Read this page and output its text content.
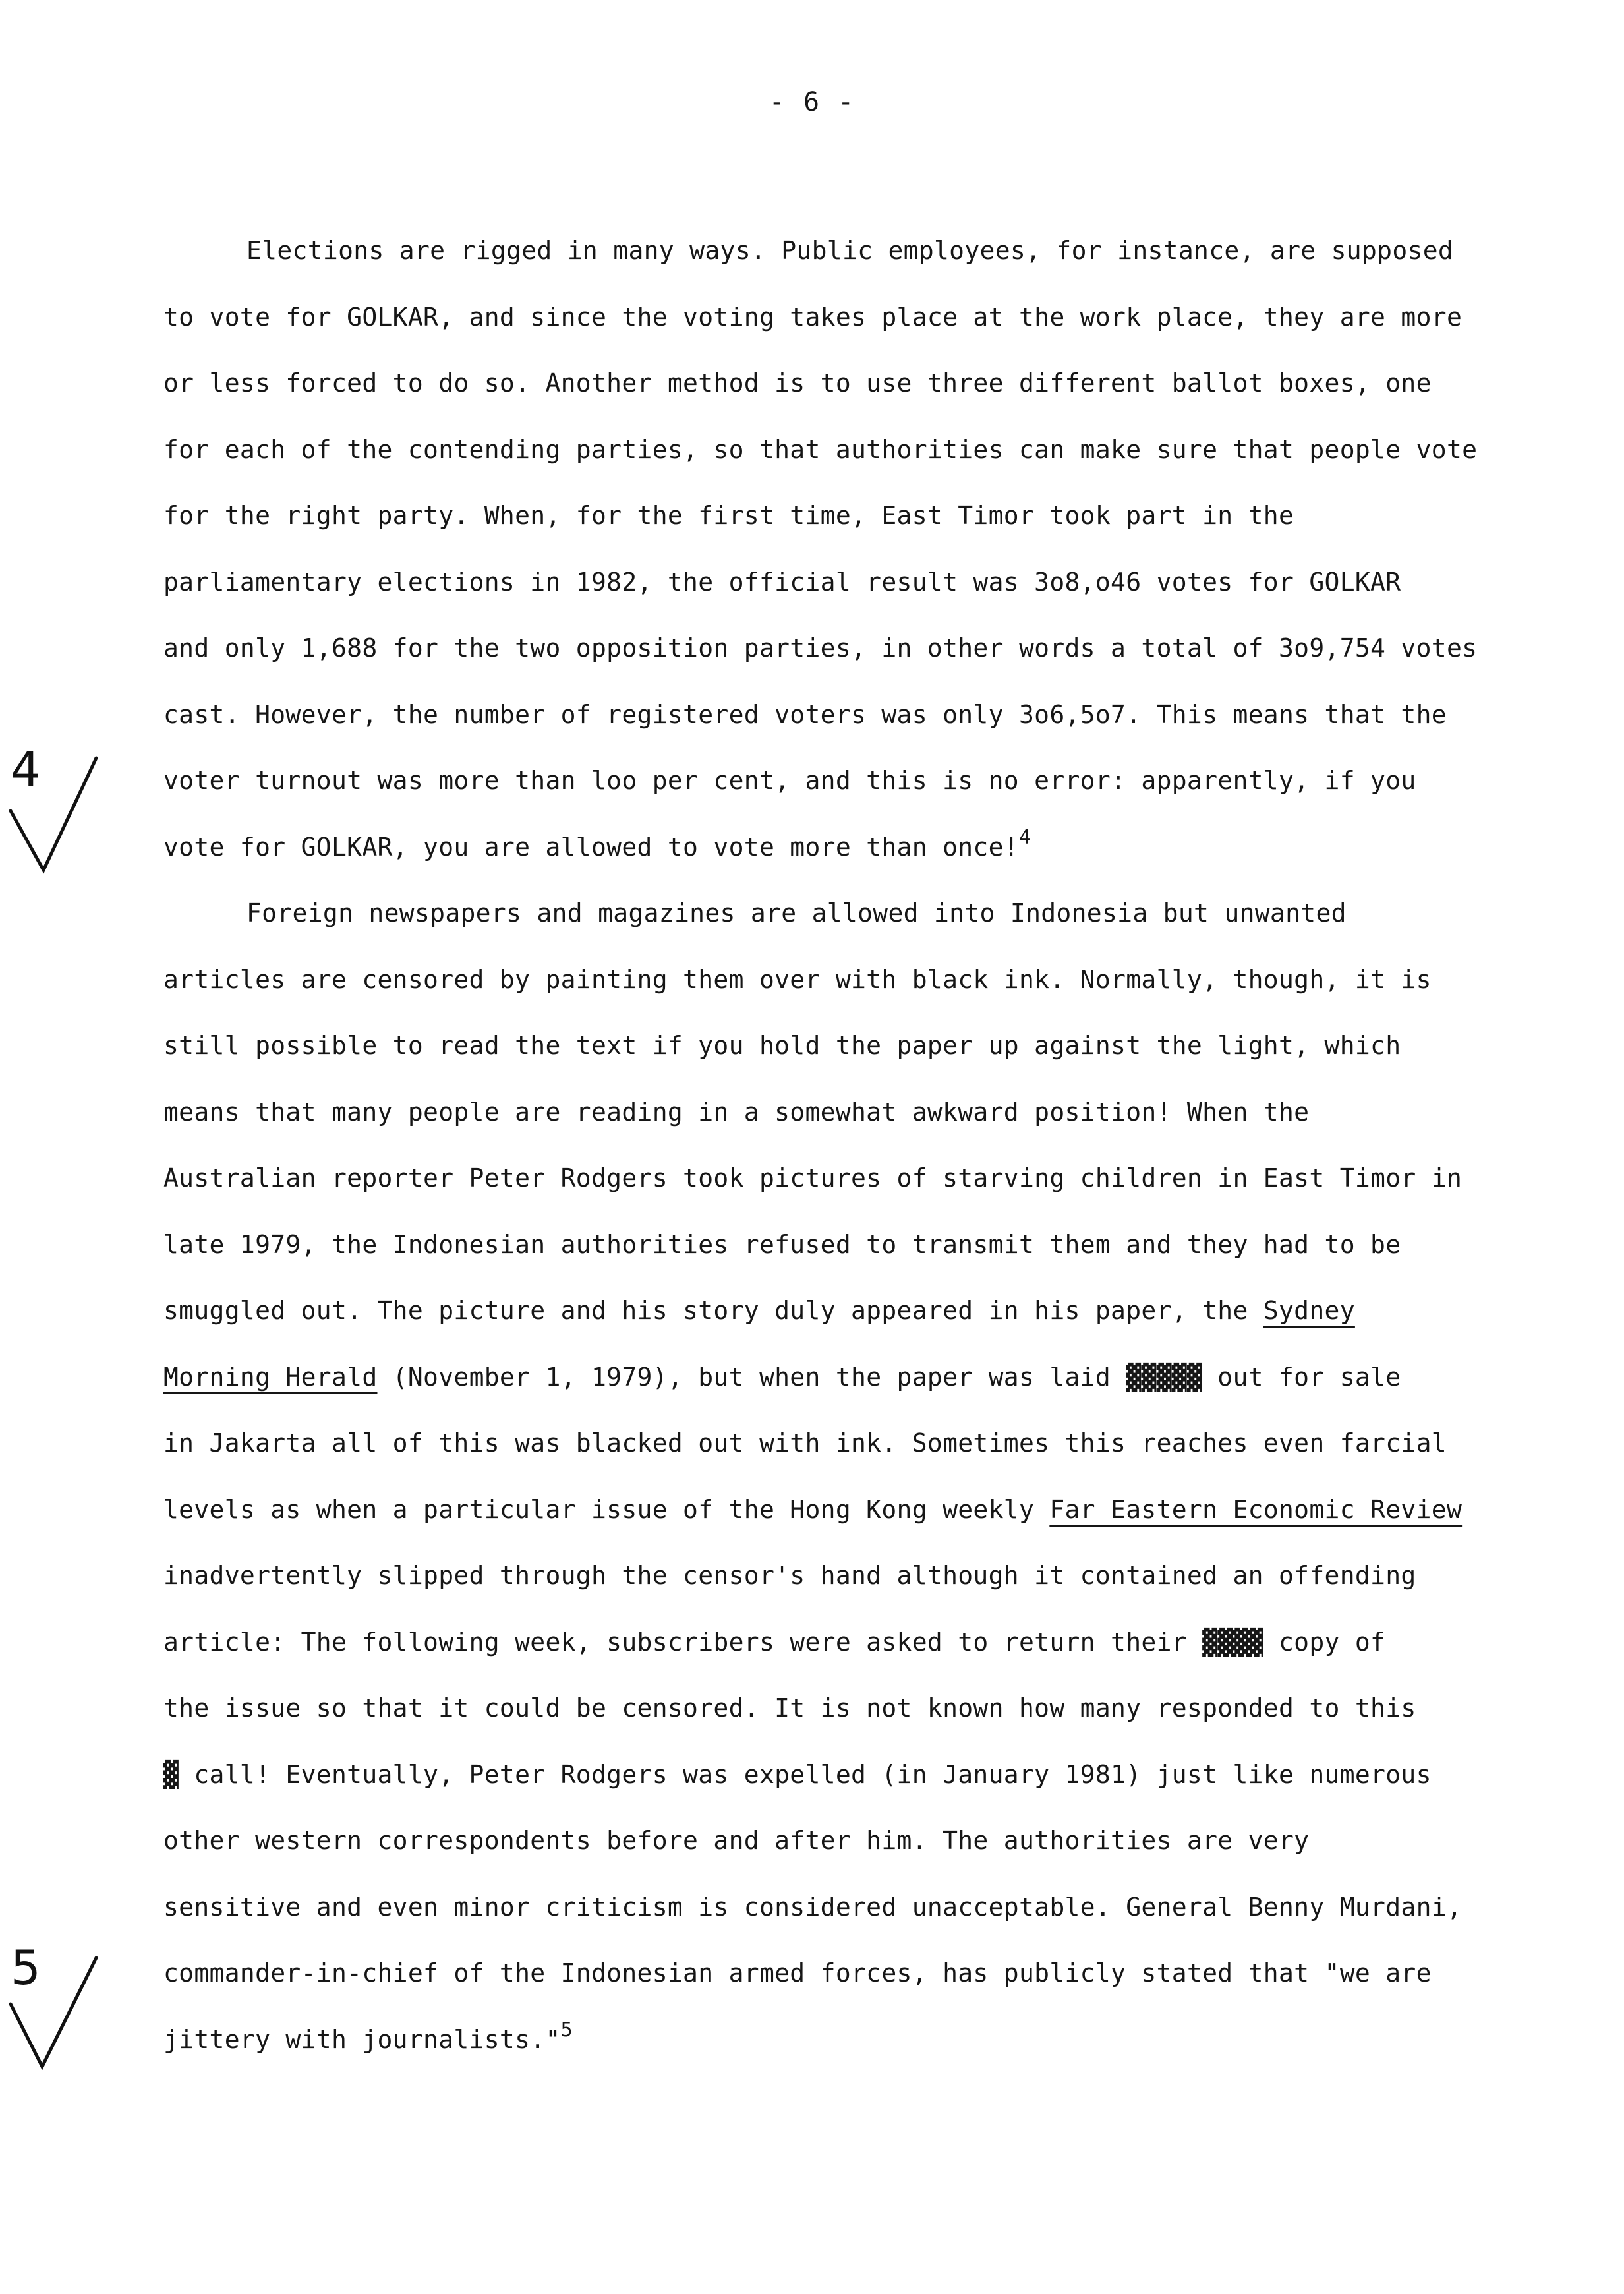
- 6 -
4
5
Elections are rigged in many ways. Public employees, for instance, are supposed
to vote for GOLKAR, and since the voting takes place at the work place, they are more
or less forced to do so. Another method is to use three different ballot boxes, one
for each of the contending parties, so that authorities can make sure that people vote
for the right party. When, for the first time, East Timor took part in the
parliamentary elections in 1982, the official result was 3o8,o46 votes for GOLKAR
and only 1,688 for the two opposition parties, in other words a total of 3o9,754 votes
cast. However, the number of registered voters was only 3o6,5o7. This means that the
voter turnout was more than loo per cent, and this is no error: apparently, if you
vote for GOLKAR, you are allowed to vote more than once!$^4$
Foreign newspapers and magazines are allowed into Indonesia but unwanted
articles are censored by painting them over with black ink. Normally, though, it is
still possible to read the text if you hold the paper up against the light, which
means that many people are reading in a somewhat awkward position! When the
Australian reporter Peter Rodgers took pictures of starving children in East Timor in
late 1979, the Indonesian authorities refused to transmit them and they had to be
smuggled out. The picture and his story duly appeared in his paper, the Sydney
Morning Herald (November 1, 1979), but when the paper was laid ▓▓▓▓▓ out for sale
in Jakarta all of this was blacked out with ink. Sometimes this reaches even farcial
levels as when a particular issue of the Hong Kong weekly Far Eastern Economic Review
inadvertently slipped through the censor's hand although it contained an offending
article: The following week, subscribers were asked to return their ▓▓▓▓ copy of
the issue so that it could be censored. It is not known how many responded to this
▓ call! Eventually, Peter Rodgers was expelled (in January 1981) just like numerous
other western correspondents before and after him. The authorities are very
sensitive and even minor criticism is considered unacceptable. General Benny Murdani,
commander-in-chief of the Indonesian armed forces, has publicly stated that "we are
jittery with journalists."$^5$
